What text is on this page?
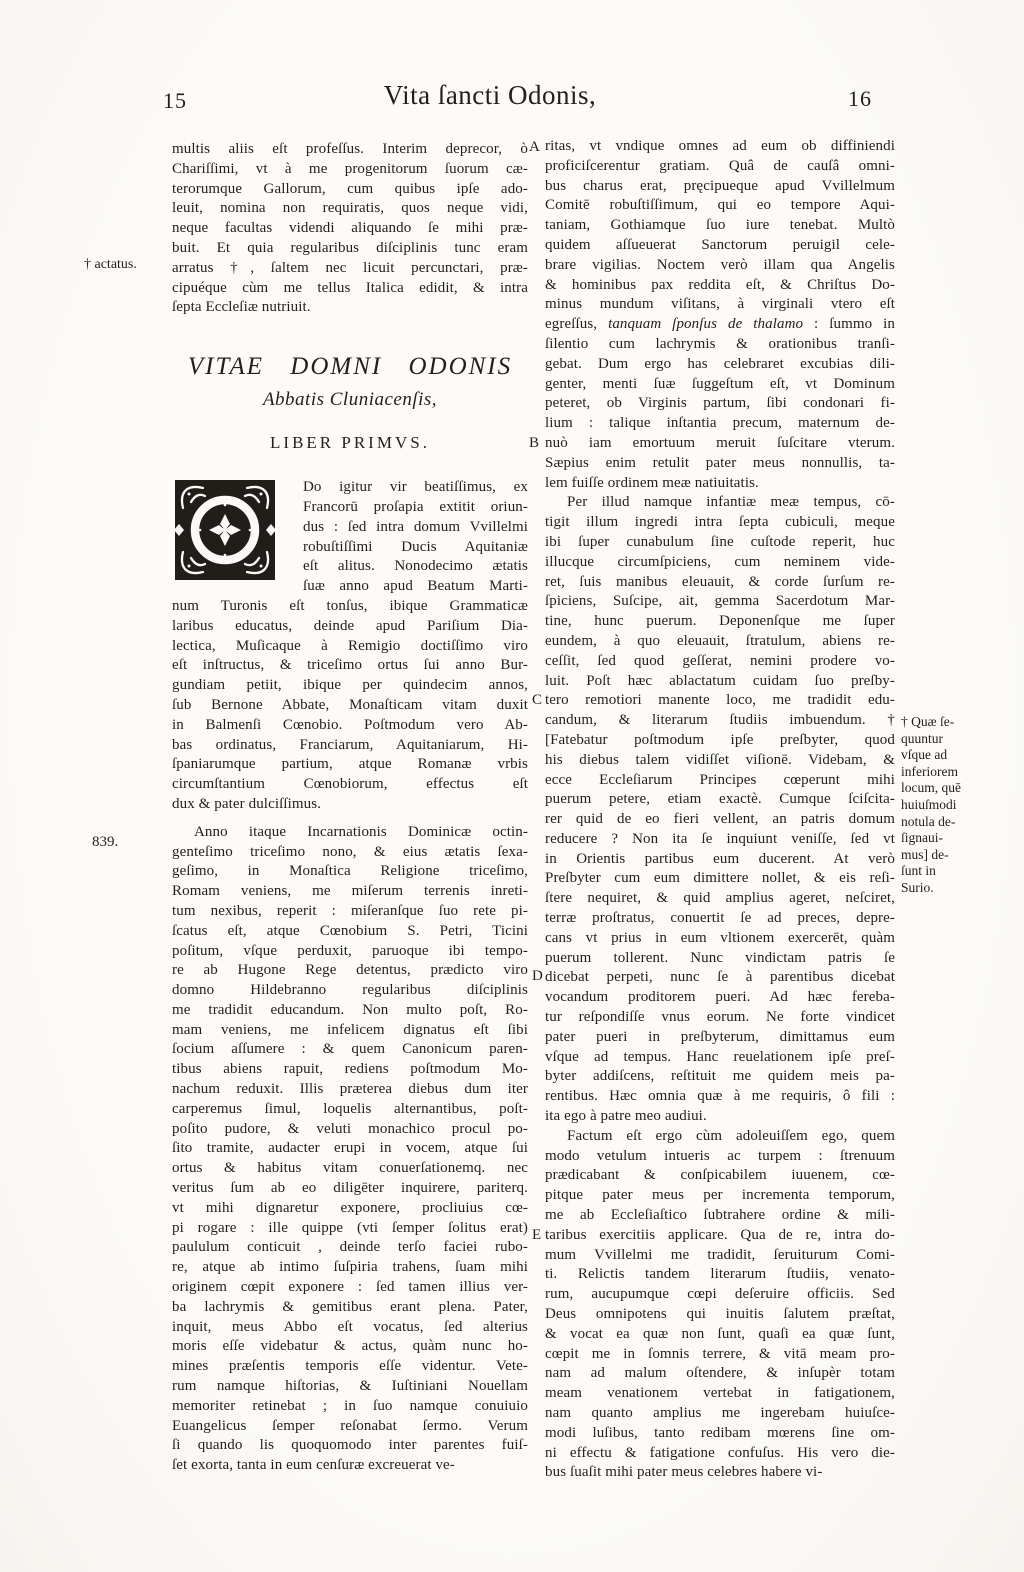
15	Vita ſancti Odonis,	16
† actatus.
839.
A
B
C
D
E
multis aliis eſt profeſſus. Interim deprecor, ò
Chariſſimi, vt à me progenitorum ſuorum cæ-
terorumque Gallorum, cum quibus ipſe ado-
leuit, nomina non requiratis, quos neque vidi,
neque facultas videndi aliquando ſe mihi præ-
buit. Et quia regularibus diſciplinis tunc eram
arratus †, ſaltem nec licuit percunctari, præ-
cipuéque cùm me tellus Italica edidit, & intra
ſepta Eccleſiæ nutriuit.
VITAE DOMNI ODONIS
Abbatis Cluniacenſis,
LIBER PRIMVS.
Do igitur vir beatiſſimus, ex
Francorū proſapia extitit oriun-
dus : ſed intra domum Vvillelmi
robuſtiſſimi Ducis Aquitaniæ
eſt alitus. Nonodecimo ætatis
ſuæ anno apud Beatum Marti-
num Turonis eſt tonſus, ibique Grammaticæ
laribus educatus, deinde apud Pariſium Dia-
lectica, Muſicaque à Remigio doctiſſimo viro
eſt inſtructus, & triceſimo ortus ſui anno Bur-
gundiam petiit, ibique per quindecim annos,
ſub Bernone Abbate, Monaſticam vitam duxit
in Balmenſi Cœnobio. Poſtmodum vero Ab-
bas ordinatus, Franciarum, Aquitaniarum, Hi-
ſpaniarumque partium, atque Romanæ vrbis
circumſtantium Cœnobiorum, effectus eſt
dux & pater dulciſſimus.
Anno itaque Incarnationis Dominicæ octin-
genteſimo triceſimo nono, & eius ætatis ſexa-
geſimo, in Monaſtica Religione triceſimo,
Romam veniens, me miſerum terrenis inreti-
tum nexibus, reperit : miſeranſque ſuo rete pi-
ſcatus eſt, atque Cœnobium S. Petri, Ticini
poſitum, vſque perduxit, paruoque ibi tempo-
re ab Hugone Rege detentus, prædicto viro
domno Hildebranno regularibus diſciplinis
me tradidit educandum. Non multo poſt, Ro-
mam veniens, me infelicem dignatus eſt ſibi
ſocium aſſumere : & quem Canonicum paren-
tibus abiens rapuit, rediens poſtmodum Mo-
nachum reduxit. Illis præterea diebus dum iter
carperemus ſimul, loquelis alternantibus, poſt-
poſito pudore, & veluti monachico procul po-
ſito tramite, audacter erupi in vocem, atque ſui
ortus & habitus vitam conuerſationemq. nec
veritus ſum ab eo diligēter inquirere, pariterq.
vt mihi dignaretur exponere, procliuius cœ-
pi rogare : ille quippe (vti ſemper ſolitus erat)
paululum conticuit , deinde terſo faciei rubo-
re, atque ab intimo ſuſpiria trahens, ſuam mihi
originem cœpit exponere : ſed tamen illius ver-
ba lachrymis & gemitibus erant plena. Pater,
inquit, meus Abbo eſt vocatus, ſed alterius
moris eſſe videbatur & actus, quàm nunc ho-
mines præſentis temporis eſſe videntur. Vete-
rum namque hiſtorias, & Iuſtiniani Nouellam
memoriter retinebat ; in ſuo namque conuiuio
Euangelicus ſemper reſonabat ſermo. Verum
ſi quando lis quoquomodo inter parentes fuiſ-
ſet exorta, tanta in eum cenſuræ excreuerat ve-
ritas, vt vndique omnes ad eum ob diffiniendi
proficiſcerentur gratiam. Quâ de cauſâ omni-
bus charus erat, pręcipueque apud Vvillelmum
Comitē robuſtiſſimum, qui eo tempore Aqui-
taniam, Gothiamque ſuo iure tenebat. Multò
quidem aſſueuerat Sanctorum peruigil cele-
brare vigilias. Noctem verò illam qua Angelis
& hominibus pax reddita eſt, & Chriſtus Do-
minus mundum viſitans, à virginali vtero eſt
egreſſus, tanquam ſponſus de thalamo : ſummo in
ſilentio cum lachrymis & orationibus tranſi-
gebat. Dum ergo has celebraret excubias dili-
genter, menti ſuæ ſuggeſtum eſt, vt Dominum
peteret, ob Virginis partum, ſibi condonari fi-
lium : talique inſtantia precum, maternum de-
nuò iam emortuum meruit ſuſcitare vterum.
Sæpius enim retulit pater meus nonnullis, ta-
lem fuiſſe ordinem meæ natiuitatis.
Per illud namque infantiæ meæ tempus, cō-
tigit illum ingredi intra ſepta cubiculi, meque
ibi ſuper cunabulum ſine cuſtode reperit, huc
illucque circumſpiciens, cum neminem vide-
ret, ſuis manibus eleuauit, & corde ſurſum re-
ſpiciens, Suſcipe, ait, gemma Sacerdotum Mar-
tine, hunc puerum. Deponenſque me ſuper
eundem, à quo eleuauit, ſtratulum, abiens re-
ceſſit, ſed quod geſſerat, nemini prodere vo-
luit. Poſt hæc ablactatum cuidam ſuo preſby-
tero remotiori manente loco, me tradidit edu-
candum, & literarum ſtudiis imbuendum. †
[Fatebatur poſtmodum ipſe preſbyter, quod
his diebus talem vidiſſet viſionē. Videbam, &
ecce Eccleſiarum Principes cœperunt mihi
puerum petere, etiam exactè. Cumque ſciſcita-
rer quid de eo fieri vellent, an patris domum
reducere ? Non ita ſe inquiunt veniſſe, ſed vt
in Orientis partibus eum ducerent. At verò
Preſbyter cum eum dimittere nollet, & eis reſi-
ſtere nequiret, & quid amplius ageret, neſciret,
terræ proſtratus, conuertit ſe ad preces, depre-
cans vt prius in eum vltionem exercerēt, quàm
puerum tollerent. Nunc vindictam patris ſe
dicebat perpeti, nunc ſe à parentibus dicebat
vocandum proditorem pueri. Ad hæc fereba-
tur reſpondiſſe vnus eorum. Ne forte vindicet
pater pueri in preſbyterum, dimittamus eum
vſque ad tempus. Hanc reuelationem ipſe preſ-
byter addiſcens, reſtituit me quidem meis pa-
rentibus. Hæc omnia quæ à me requiris, ô fili :
ita ego à patre meo audiui.
Factum eſt ergo cùm adoleuiſſem ego, quem
modo vetulum intueris ac turpem : ſtrenuum
prædicabant & conſpicabilem iuuenem, cœ-
pitque pater meus per incrementa temporum,
me ab Eccleſiaſtico ſubtrahere ordine & mili-
taribus exercitiis applicare. Qua de re, intra do-
mum Vvillelmi me tradidit, ſeruiturum Comi-
ti. Relictis tandem literarum ſtudiis, venato-
rum, aucupumque cœpi deſeruire officiis. Sed
Deus omnipotens qui inuitis ſalutem præſtat,
& vocat ea quæ non ſunt, quaſi ea quæ ſunt,
cœpit me in ſomnis terrere, & vitā meam pro-
nam ad malum oſtendere, & inſupèr totam
meam venationem vertebat in fatigationem,
nam quanto amplius me ingerebam huiuſce-
modi luſibus, tanto redibam mœrens ſine om-
ni effectu & fatigatione confuſus. His vero die-
bus ſuaſit mihi pater meus celebres habere vi-
† Quæ ſe-
quuntur
vſque ad
inferiorem
locum, quē
huiuſmodi
notula de-
ſignaui-
mus] de-
ſunt in
Surio.
